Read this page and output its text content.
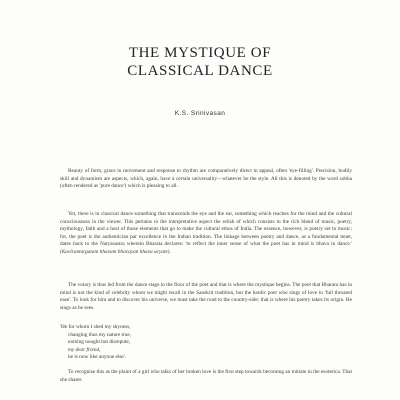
THE MYSTIQUE OF
CLASSICAL DANCE
K.S. Srinivasan

Beauty of form, grace in movement and response to rhythm are comparatively direct in appeal, often 'eye-filling'. Precision, bodily skill and dynamism are aspects, which, again, have a certain universality—whatever be the style. All this is denoted by the word sobha (often rendered as 'pure dance') which is pleasing to all.

Yet, there is in classical dance something that transcends the eye and the ear, something which reaches for the mind and the cultural consciousness in the viewer. This pertains to the interpretative aspect the relish of which consists in the rich blend of music, poetry, mythology, faith and a host of those elements that go to make the cultural ethos of India. The essence, however, is poetry set to music; for, the poet is the authentician par excellence in the Indian tradition. The linkage between poetry and dance, as a fundamental tenet, dates back to the Natyasastra wherein Bharata declares: 'to reflect the inner sense of what the poet has in mind is bhava in dance.' (Kavirantargatam bhavam bhavayan bhava ucyate).

The votary is thus led from the dance stage to the floor of the poet and that is where the mystique begins. The poet that Bharata has in mind is not the kind of celebrity whom we might recall in the Sanskrit tradition, but the bardic poet who sings of love in 'full throated ease'. To look for him and to discover his universe, we must take the road to the country-side; that is where his poetry takes its origin. He sings as he sees.

'He for whom I shed my shyness,
changing thus my nature true,
earning nought but disrepute,
my dear friend,
he is now like anyone else'.

To recognise this as the plaint of a girl who talks of her broken love is the first step towards becoming an initiate in the esoterica. That she shares
